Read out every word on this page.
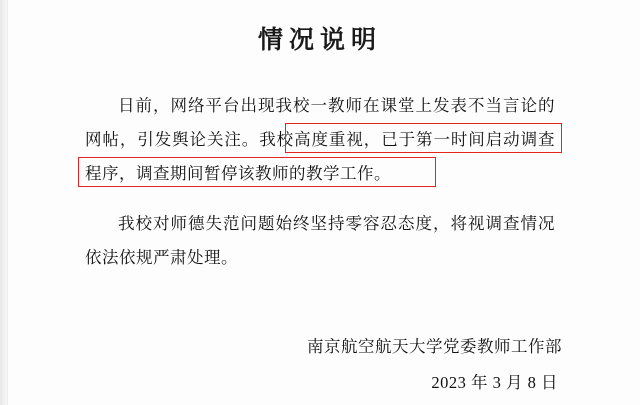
情况说明

日前，网络平台出现我校一教师在课堂上发表不当言论的网帖，引发舆论关注。我校高度重视，已于第一时间启动调查程序，调查期间暂停该教师的教学工作。

我校对师德失范问题始终坚持零容忍态度，将视调查情况依法依规严肃处理。

南京航空航天大学党委教师工作部
2023 年 3 月 8 日
